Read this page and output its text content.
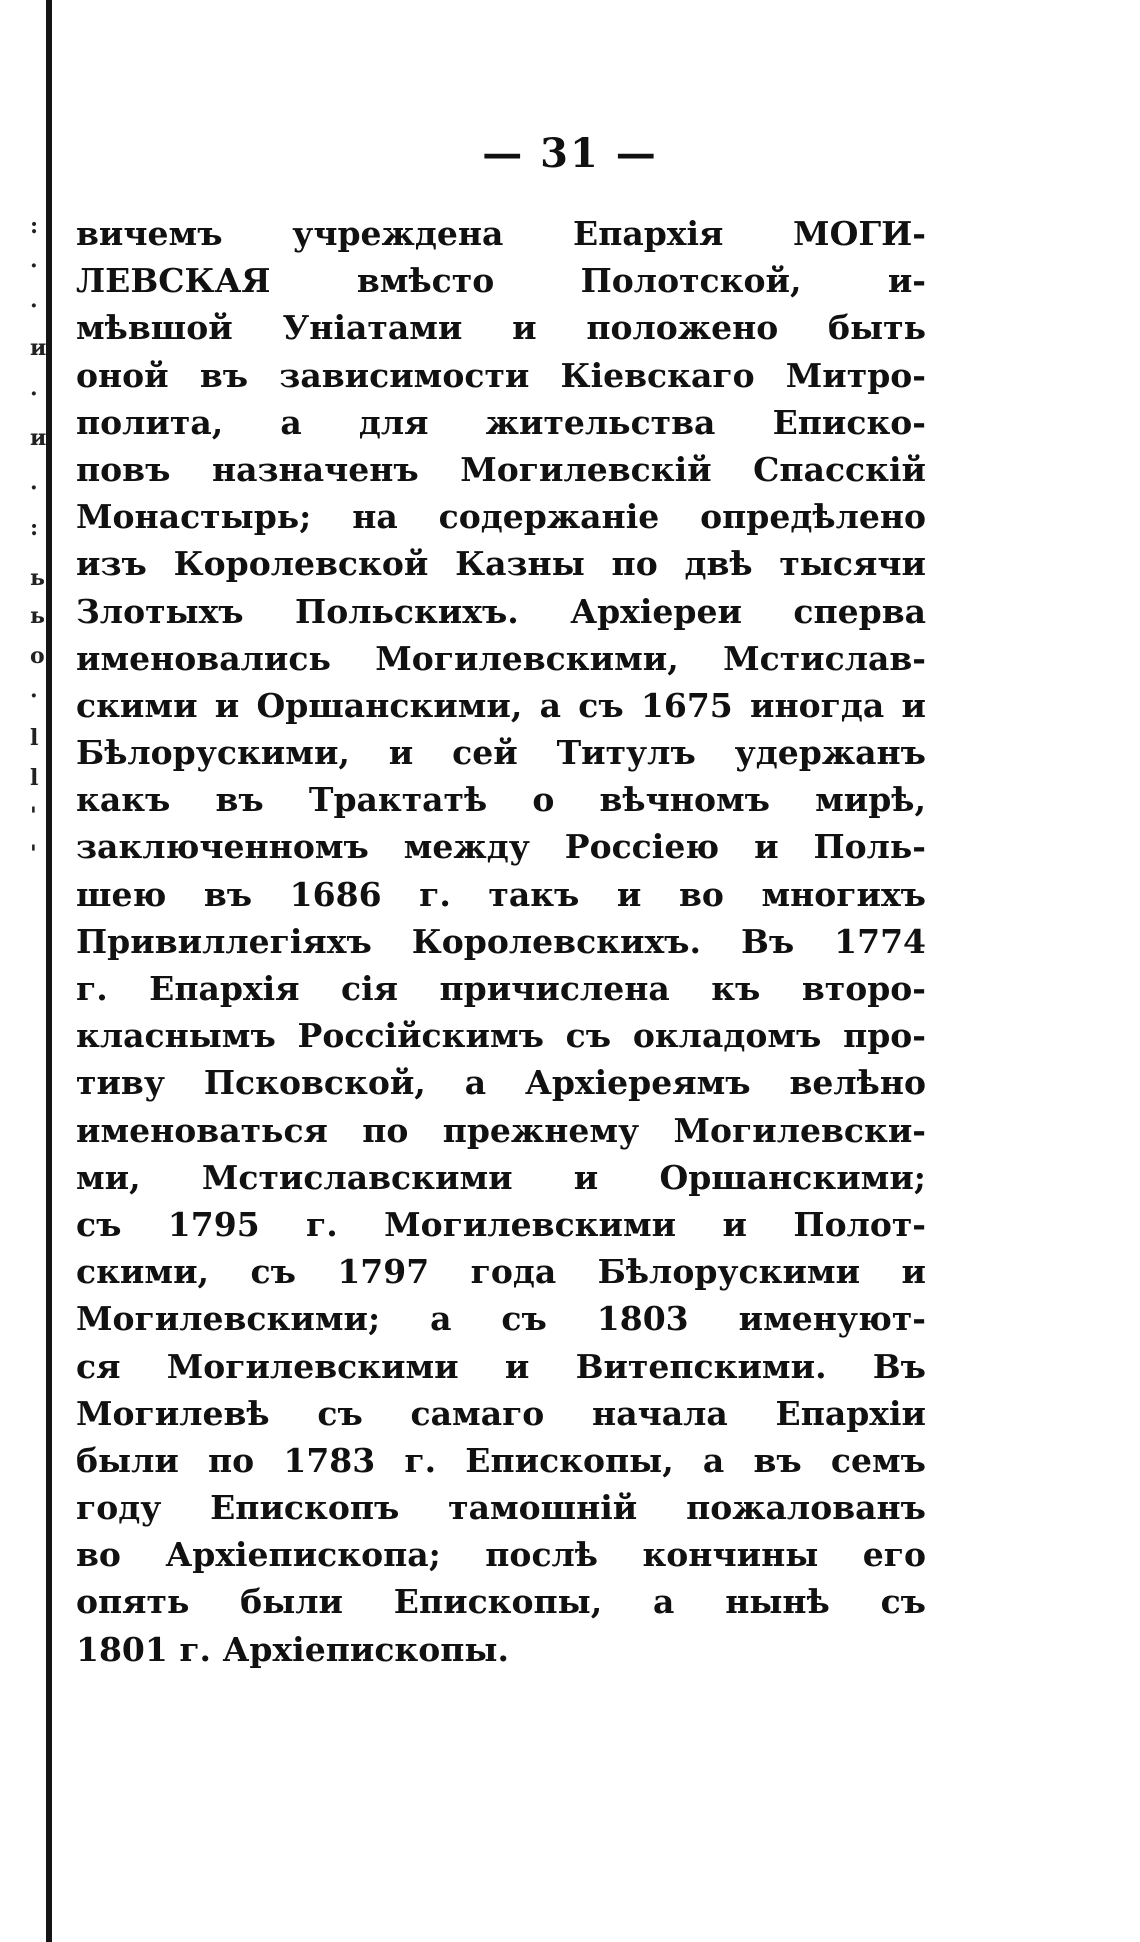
:
·
·
и
·
и
·
:
ь
ь
о
·
l
l
'
'
— 31 —
вичемъ учреждена Епархія МОГИ-
ЛЕВСКАЯ вмѣсто Полотской, и-
мѣвшой Уніатами и положено быть
оной въ зависимости Кіевскаго Митро-
полита, а для жительства Еписко-
повъ назначенъ Могилевскій Спасскій
Монастырь; на содержаніе опредѣлено
изъ Королевской Казны по двѣ тысячи
Злотыхъ Польскихъ. Архіереи сперва
именовались Могилевскими, Мстислав-
скими и Оршанскими, а съ 1675 иногда и
Бѣлорускими, и сей Титулъ удержанъ
какъ въ Трактатѣ о вѣчномъ мирѣ,
заключенномъ между Россіею и Поль-
шею въ 1686 г. такъ и во многихъ
Привиллегіяхъ Королевскихъ. Въ 1774
г. Епархія сія причислена къ второ-
класнымъ Россійскимъ съ окладомъ про-
тиву Псковской, а Архіереямъ велѣно
именоваться по прежнему Могилевски-
ми, Мстиславскими и Оршанскими;
съ 1795 г. Могилевскими и Полот-
скими, съ 1797 года Бѣлорускими и
Могилевскими; а съ 1803 именуют-
ся Могилевскими и Витепскими. Въ
Могилевѣ съ самаго начала Епархіи
были по 1783 г. Епископы, а въ семъ
году Епископъ тамошній пожалованъ
во Архіепископа; послѣ кончины его
опять были Епископы, а нынѣ съ
1801 г. Архіепископы.
